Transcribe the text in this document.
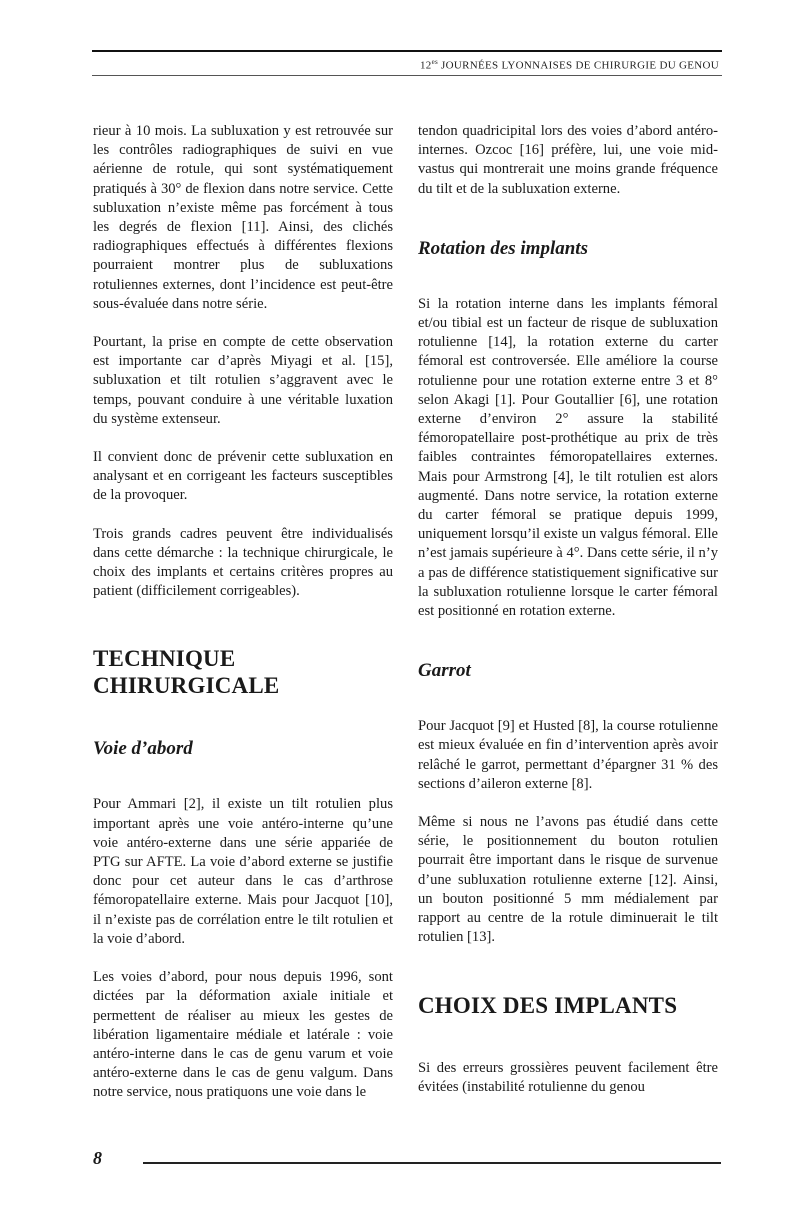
$12^{es}$ JOURNÉES LYONNAISES DE CHIRURGIE DU GENOU

rieur à 10 mois. La subluxation y est retrouvée sur les contrôles radiographiques de suivi en vue aérienne de rotule, qui sont systématiquement pratiqués à 30° de flexion dans notre service. Cette subluxation n’existe même pas forcément à tous les degrés de flexion [11]. Ainsi, des clichés radiographiques effectués à différentes flexions pourraient montrer plus de subluxations rotuliennes externes, dont l’incidence est peut-être sous-évaluée dans notre série.

Pourtant, la prise en compte de cette observation est importante car d’après Miyagi et al. [15], subluxation et tilt rotulien s’aggravent avec le temps, pouvant conduire à une véritable luxation du système extenseur.

Il convient donc de prévenir cette subluxation en analysant et en corrigeant les facteurs susceptibles de la provoquer.

Trois grands cadres peuvent être individualisés dans cette démarche : la technique chirurgicale, le choix des implants et certains critères propres au patient (difficilement corrigeables).

TECHNIQUE
CHIRURGICALE
Voie d’abord

Pour Ammari [2], il existe un tilt rotulien plus important après une voie antéro-interne qu’une voie antéro-externe dans une série appariée de PTG sur AFTE. La voie d’abord externe se justifie donc pour cet auteur dans le cas d’arthrose fémoropatellaire externe. Mais pour Jacquot [10], il n’existe pas de corrélation entre le tilt rotulien et la voie d’abord.

Les voies d’abord, pour nous depuis 1996, sont dictées par la déformation axiale initiale et permettent de réaliser au mieux les gestes de libération ligamentaire médiale et latérale : voie antéro-interne dans le cas de genu varum et voie antéro-externe dans le cas de genu valgum. Dans notre service, nous pratiquons une voie dans le

tendon quadricipital lors des voies d’abord antéro-internes. Ozcoc [16] préfère, lui, une voie mid-vastus qui montrerait une moins grande fréquence du tilt et de la subluxation externe.

Rotation des implants

Si la rotation interne dans les implants fémoral et/ou tibial est un facteur de risque de subluxation rotulienne [14], la rotation externe du carter fémoral est controversée. Elle améliore la course rotulienne pour une rotation externe entre 3 et 8° selon Akagi [1]. Pour Goutallier [6], une rotation externe d’environ 2° assure la stabilité fémoropatellaire post-prothétique au prix de très faibles contraintes fémoropatellaires externes. Mais pour Armstrong [4], le tilt rotulien est alors augmenté. Dans notre service, la rotation externe du carter fémoral se pratique depuis 1999, uniquement lorsqu’il existe un valgus fémoral. Elle n’est jamais supérieure à 4°. Dans cette série, il n’y a pas de différence statistiquement significative sur la subluxation rotulienne lorsque le carter fémoral est positionné en rotation externe.

Garrot

Pour Jacquot [9] et Husted [8], la course rotulienne est mieux évaluée en fin d’intervention après avoir relâché le garrot, permettant d’épargner 31 % des sections d’aileron externe [8].

Même si nous ne l’avons pas étudié dans cette série, le positionnement du bouton rotulien pourrait être important dans le risque de survenue d’une subluxation rotulienne externe [12]. Ainsi, un bouton positionné 5 mm médialement par rapport au centre de la rotule diminuerait le tilt rotulien [13].

CHOIX DES IMPLANTS

Si des erreurs grossières peuvent facilement être évitées (instabilité rotulienne du genou

8
